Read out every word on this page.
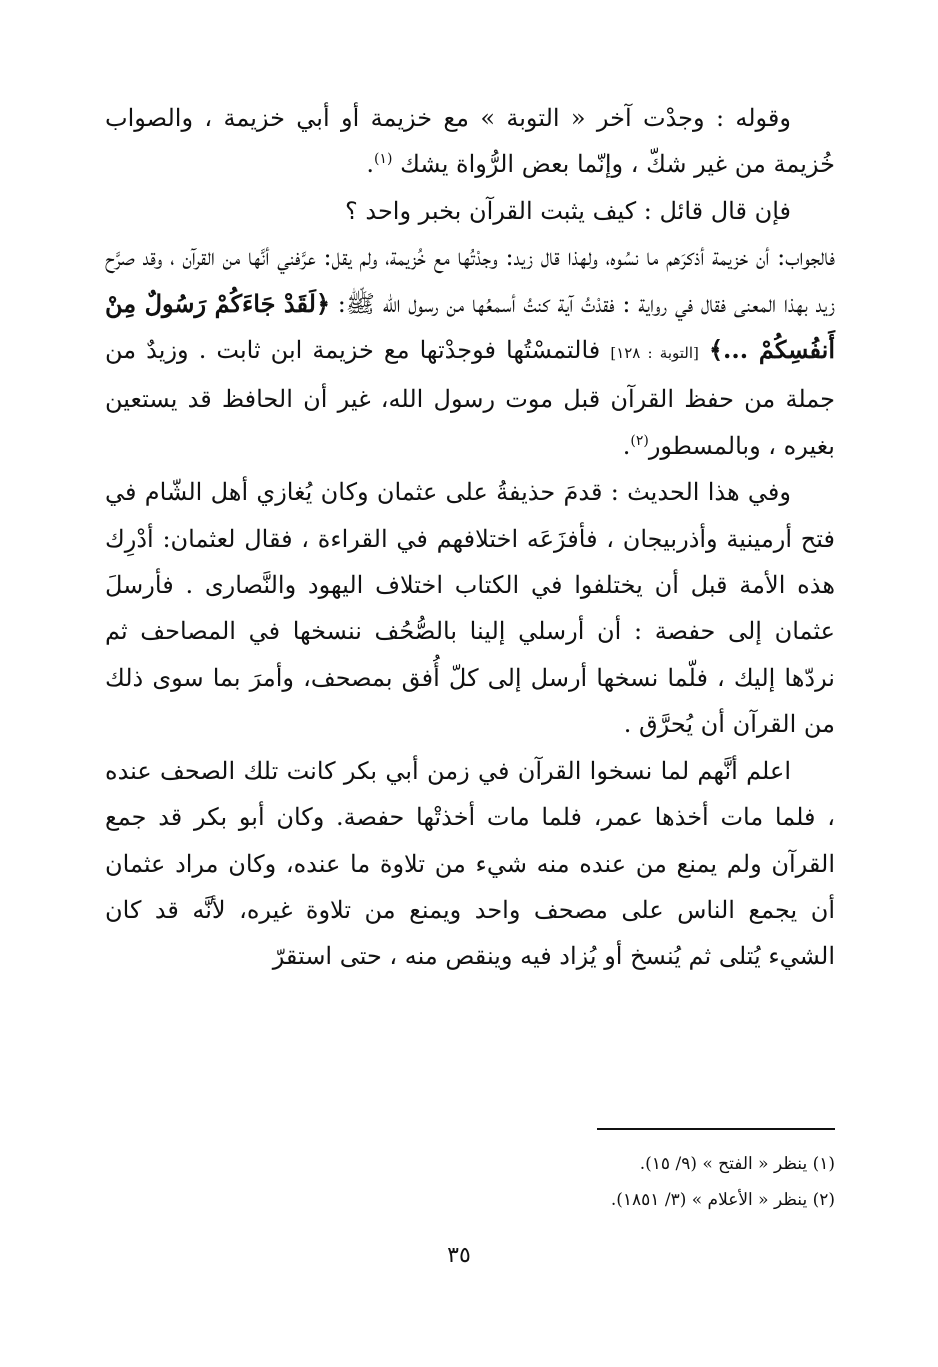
وقوله : وجدْت آخر « التوبة » مع خزيمة أو أبي خزيمة ، والصواب خُزيمة من غير شكّ ، وإنّما بعض الرُّواة يشك $^{(١)}$.

فإن قال قائل : كيف يثبت القرآن بخبر واحد ؟

فالجواب: أن خزيمة أذكرَهم ما نسُوه، ولهذا قال زيد: وجدْتُها مع خُزيمة، ولم يقل: عرَّفني أنَّها من القرآن ، وقد صرَّح زيد بهذا المعنى فقال في رواية : فقدْتُ آية كنتُ أسمعُها من رسول الله ﷺ: ﴿لَقَدْ جَاءَكُمْ رَسُولٌ مِنْ أَنفُسِكُمْ ...﴾ [التوبة : ١٢٨] فالتمسْتُها فوجدْتها مع خزيمة ابن ثابت . وزيدٌ من جملة من حفظ القرآن قبل موت رسول الله، غير أن الحافظ قد يستعين بغيره ، وبالمسطور$^{(٢)}$.

وفي هذا الحديث : قدمَ حذيفةُ على عثمان وكان يُغازي أهل الشّام في فتح أرمينية وأذربيجان ، فأفزَعَه اختلافهم في القراءة ، فقال لعثمان: أدْرِك هذه الأمة قبل أن يختلفوا في الكتاب اختلاف اليهود والنَّصارى . فأرسلَ عثمان إلى حفصة : أن أرسلي إلينا بالصُّحُف ننسخها في المصاحف ثم نردّها إليك ، فلّما نسخها أرسل إلى كلّ أُفق بمصحف، وأمرَ بما سوى ذلك من القرآن أن يُحرَّق .

اعلم أنَّهم لما نسخوا القرآن في زمن أبي بكر كانت تلك الصحف عنده ، فلما مات أخذها عمر، فلما مات أخذتْها حفصة. وكان أبو بكر قد جمع القرآن ولم يمنع من عنده منه شيء من تلاوة ما عنده، وكان مراد عثمان أن يجمع الناس على مصحف واحد ويمنع من تلاوة غيره، لأنَّه قد كان الشيء يُتلى ثم يُنسخ أو يُزاد فيه وينقص منه ، حتى استقرّ

(١) ينظر « الفتح » (٩/ ١٥).

(٢) ينظر « الأعلام » (٣/ ١٨٥١).

٣٥
